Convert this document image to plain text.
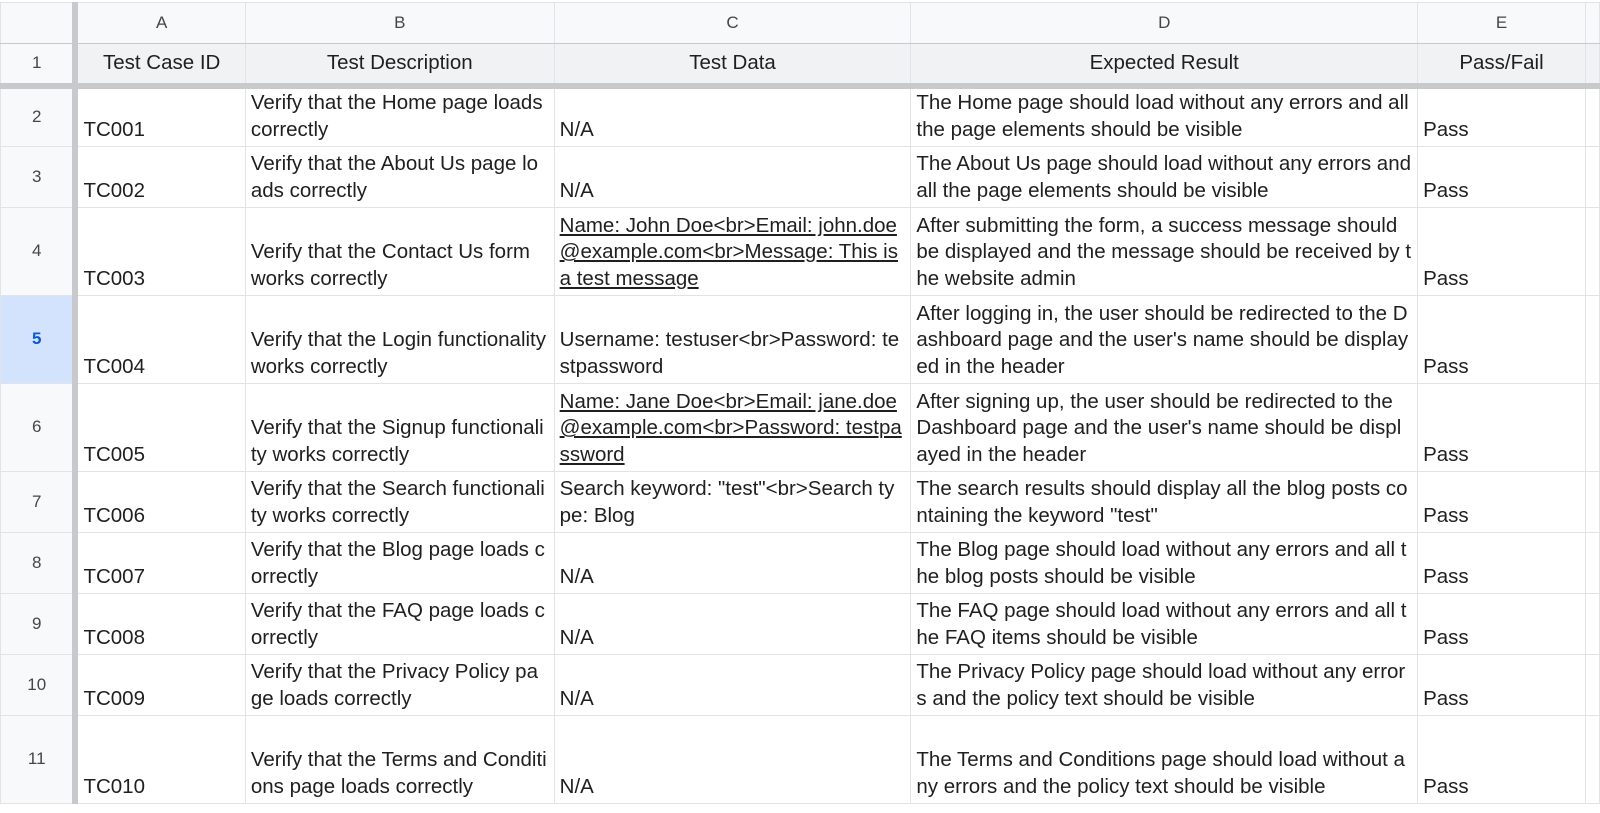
	A	B	C	D	E	
1	Test Case ID	Test Description	Test Data	Expected Result	Pass/Fail	
2	TC001	Verify that the Home page loads correctly	N/A	The Home page should load without any errors and all the page elements should be visible	Pass	
3	TC002	Verify that the About Us page loads correctly	N/A	The About Us page should load without any errors and all the page elements should be visible	Pass	
4	TC003	Verify that the Contact Us form works correctly	Name: John Doe<br>Email: john.doe@example.com<br>Message: This is a test message	After submitting the form, a success message should be displayed and the message should be received by the website admin	Pass	
5	TC004	Verify that the Login functionality works correctly	Username: testuser<br>Password: testpassword	After logging in, the user should be redirected to the Dashboard page and the user's name should be displayed in the header	Pass	
6	TC005	Verify that the Signup functionality works correctly	Name: Jane Doe<br>Email: jane.doe@example.com<br>Password: testpassword	After signing up, the user should be redirected to the Dashboard page and the user's name should be displayed in the header	Pass	
7	TC006	Verify that the Search functionality works correctly	Search keyword: "test"<br>Search type: Blog	The search results should display all the blog posts containing the keyword "test"	Pass	
8	TC007	Verify that the Blog page loads correctly	N/A	The Blog page should load without any errors and all the blog posts should be visible	Pass	
9	TC008	Verify that the FAQ page loads correctly	N/A	The FAQ page should load without any errors and all the FAQ items should be visible	Pass	
10	TC009	Verify that the Privacy Policy page loads correctly	N/A	The Privacy Policy page should load without any errors and the policy text should be visible	Pass	
11	TC010	Verify that the Terms and Conditions page loads correctly	N/A	The Terms and Conditions page should load without any errors and the policy text should be visible	Pass	
